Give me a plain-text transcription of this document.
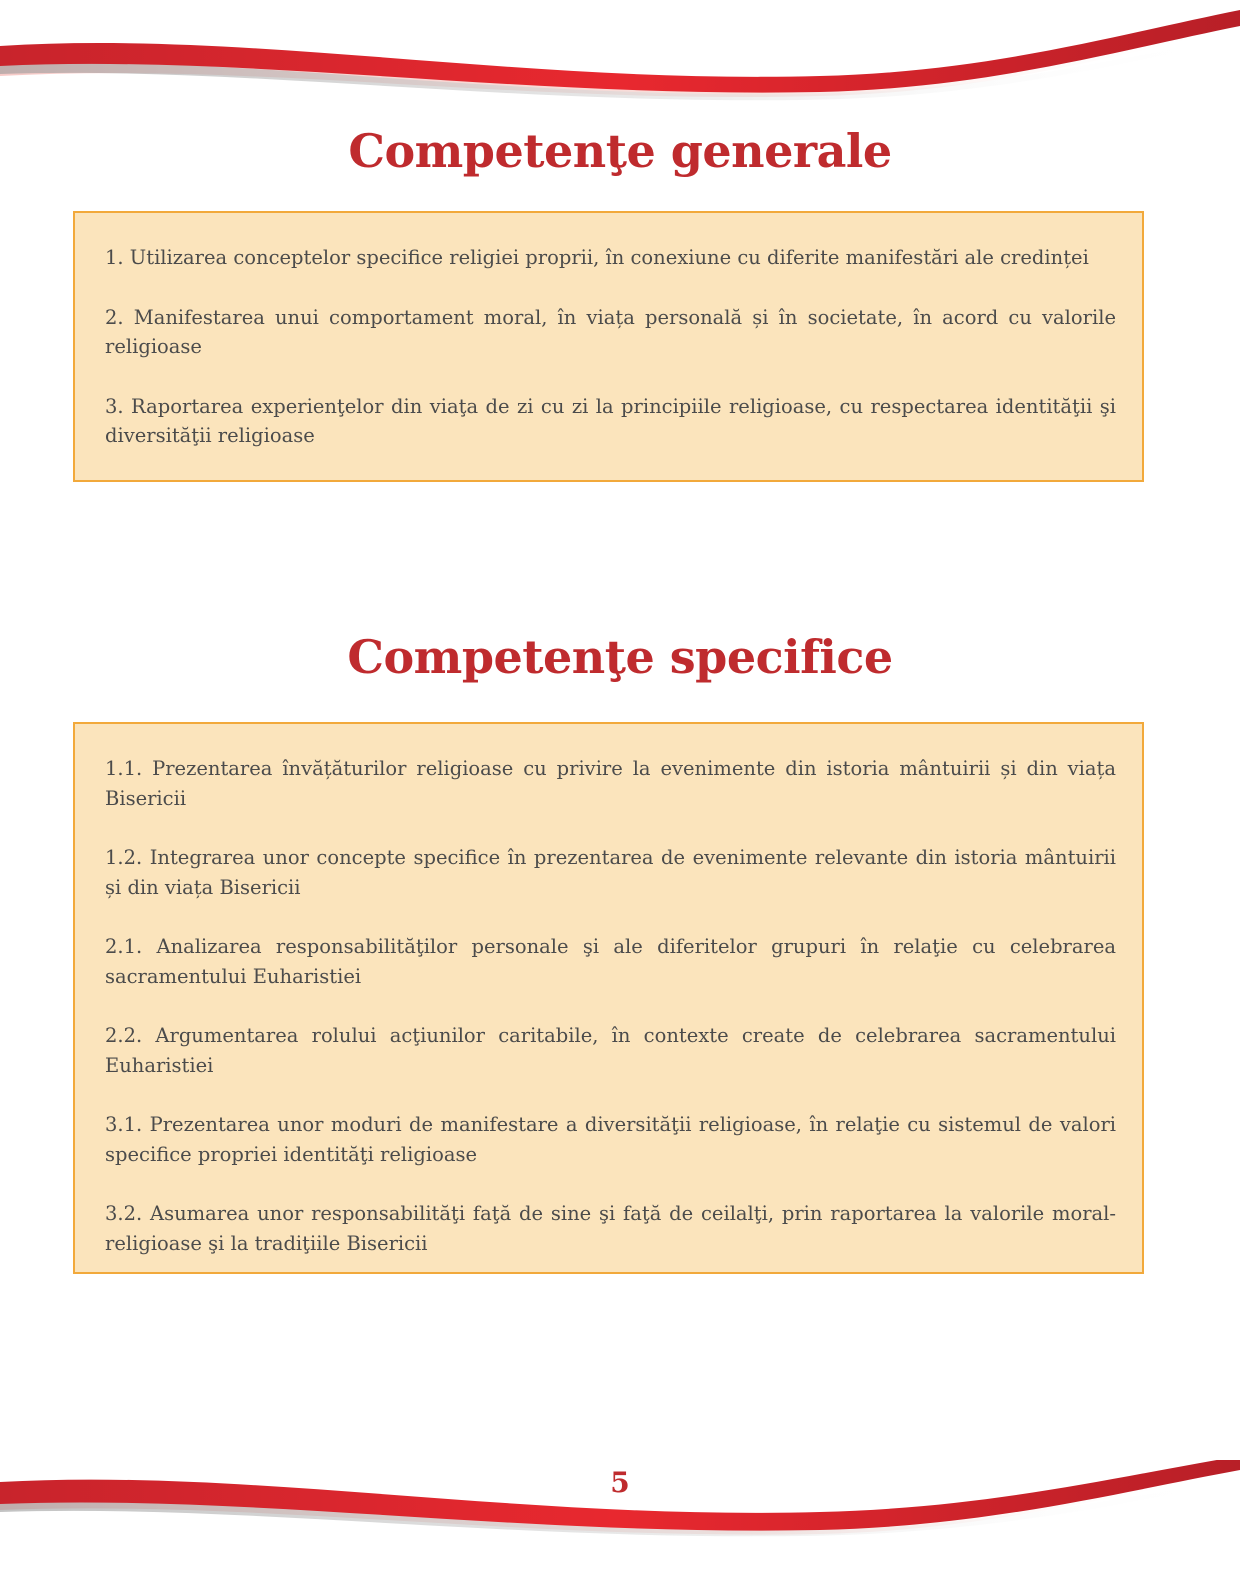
Competenţe generale

1. Utilizarea conceptelor specifice religiei proprii, în conexiune cu diferite manifestări ale credinței

2. Manifestarea unui comportament moral, în viața personală și în societate, în acord cu valorile religioase

3. Raportarea experienţelor din viaţa de zi cu zi la principiile religioase, cu respectarea identităţii şi diversităţii religioase

Competenţe specifice

1.1. Prezentarea învățăturilor religioase cu privire la evenimente din istoria mântuirii și din viața Bisericii

1.2. Integrarea unor concepte specifice în prezentarea de evenimente relevante din istoria mântuirii și din viața Bisericii

2.1. Analizarea responsabilităţilor personale şi ale diferitelor grupuri în relaţie cu celebrarea sacramentului Euharistiei

2.2. Argumentarea rolului acţiunilor caritabile, în contexte create de celebrarea sacramentului Euharistiei

3.1. Prezentarea unor moduri de manifestare a diversităţii religioase, în relaţie cu sistemul de valori specifice propriei identităţi religioase

3.2. Asumarea unor responsabilităţi faţă de sine şi faţă de ceilalţi, prin raportarea la valorile moral-religioase şi la tradiţiile Bisericii

5
